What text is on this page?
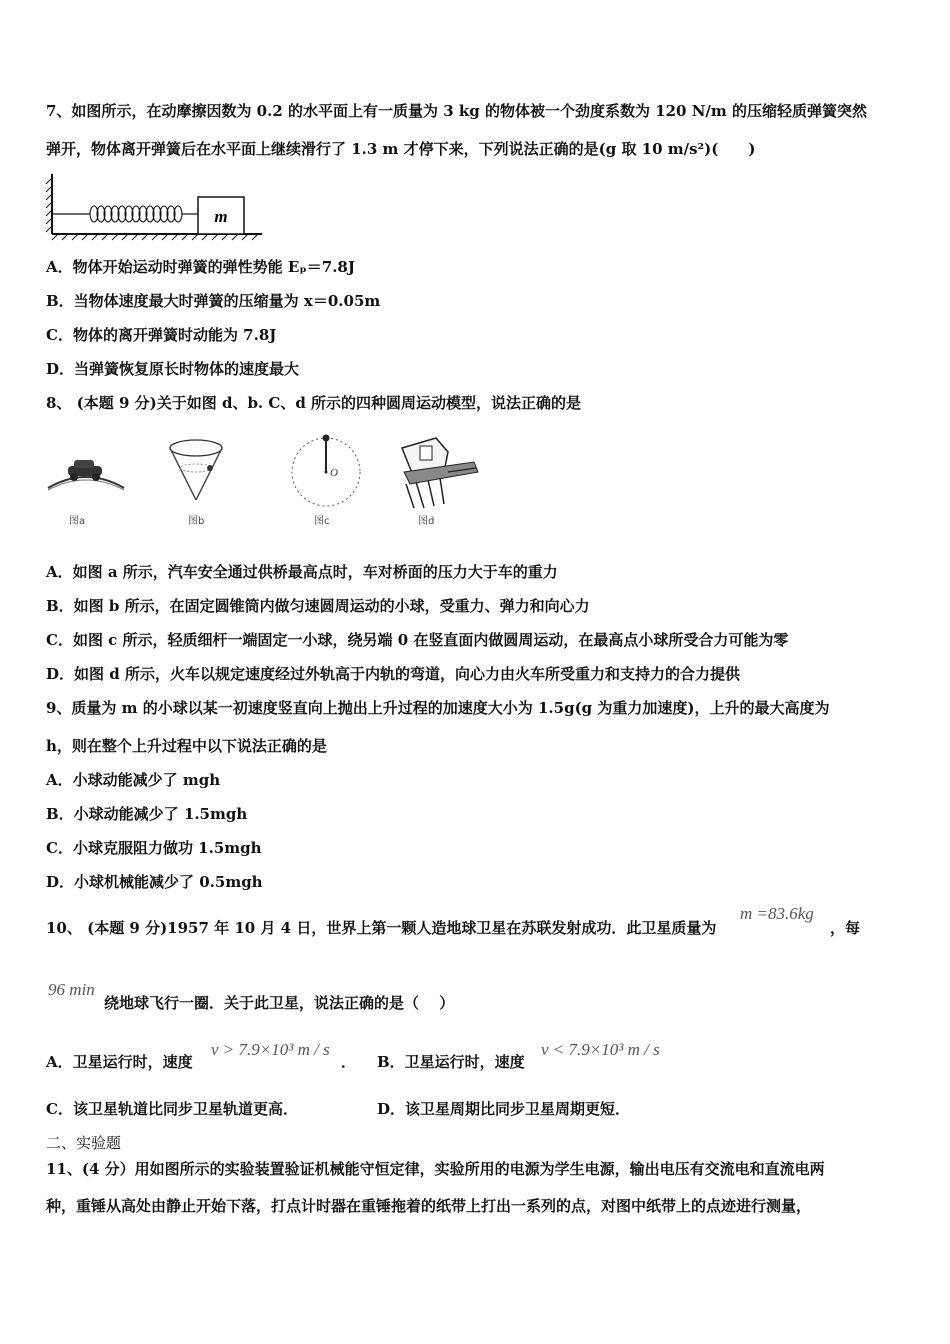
7、如图所示，在动摩擦因数为 0.2 的水平面上有一质量为 3 kg 的物体被一个劲度系数为 120 N/m 的压缩轻质弹簧突然
弹开，物体离开弹簧后在水平面上继续滑行了 1.3 m 才停下来，下列说法正确的是(g 取 10 m/s²)(　　)
m
A．物体开始运动时弹簧的弹性势能 Eₚ＝7.8J
B．当物体速度最大时弹簧的压缩量为 x＝0.05m
C．物体的离开弹簧时动能为 7.8J
D．当弹簧恢复原长时物体的速度最大
8、 (本题 9 分)关于如图 d、b. C、d 所示的四种圆周运动模型，说法正确的是
O
图a	图b	图c	图d
A．如图 a 所示，汽车安全通过供桥最高点时，车对桥面的压力大于车的重力
B．如图 b 所示，在固定圆锥筒内做匀速圆周运动的小球，受重力、弹力和向心力
C．如图 c 所示，轻质细杆一端固定一小球，绕另端 0 在竖直面内做圆周运动，在最高点小球所受合力可能为零
D．如图 d 所示，火车以规定速度经过外轨高于内轨的弯道，向心力由火车所受重力和支持力的合力提供
9、质量为 m 的小球以某一初速度竖直向上抛出上升过程的加速度大小为 1.5g(g 为重力加速度)，上升的最大高度为
h，则在整个上升过程中以下说法正确的是
A．小球动能减少了 mgh
B．小球动能减少了 1.5mgh
C．小球克服阻力做功 1.5mgh
D．小球机械能减少了 0.5mgh
10、 (本题 9 分)1957 年 10 月 4 日，世界上第一颗人造地球卫星在苏联发射成功．此卫星质量为
m =83.6kg
，每
96 min
绕地球飞行一圈．关于此卫星，说法正确的是（　 ）
A．卫星运行时，速度
v > 7.9×10³ m / s
． B．卫星运行时，速度
v < 7.9×10³ m / s
C．该卫星轨道比同步卫星轨道更高．	D．该卫星周期比同步卫星周期更短．
二、实验题
11、(4 分）用如图所示的实验装置验证机械能守恒定律，实验所用的电源为学生电源，输出电压有交流电和直流电两
种，重锤从高处由静止开始下落，打点计时器在重锤拖着的纸带上打出一系列的点，对图中纸带上的点迹进行测量，
